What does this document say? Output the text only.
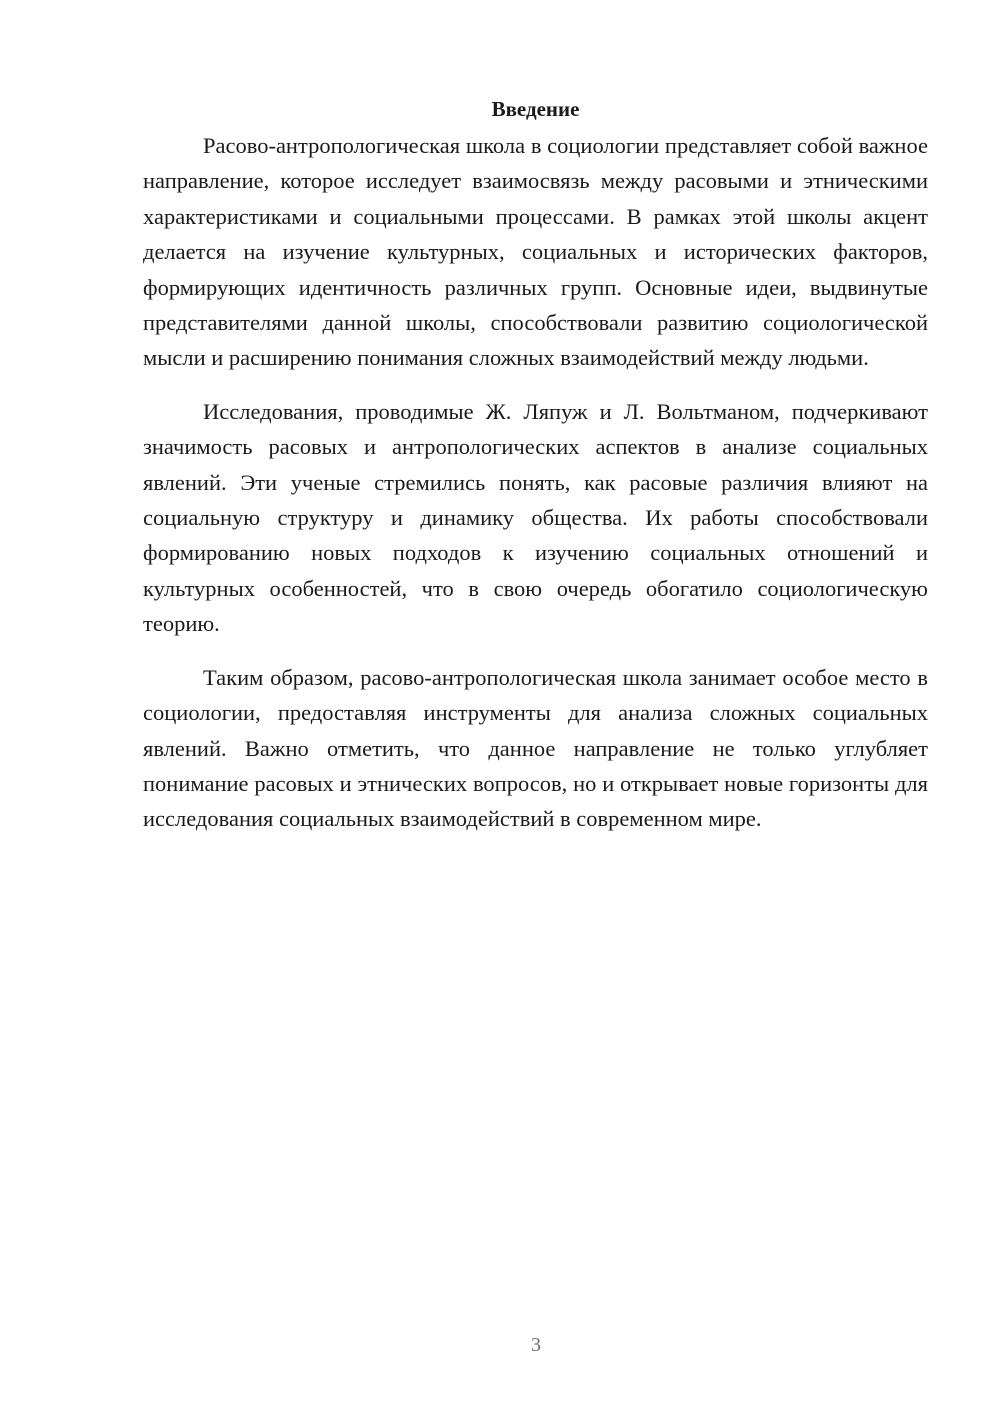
Введение

Расово-антропологическая школа в социологии представляет собой важное направление, которое исследует взаимосвязь между расовыми и этническими характеристиками и социальными процессами. В рамках этой школы акцент делается на изучение культурных, социальных и исторических факторов, формирующих идентичность различных групп. Основные идеи, выдвинутые представителями данной школы, способствовали развитию социологической мысли и расширению понимания сложных взаимодействий между людьми.

Исследования, проводимые Ж. Ляпуж и Л. Вольтманом, подчеркивают значимость расовых и антропологических аспектов в анализе социальных явлений. Эти ученые стремились понять, как расовые различия влияют на социальную структуру и динамику общества. Их работы способствовали формированию новых подходов к изучению социальных отношений и культурных особенностей, что в свою очередь обогатило социологическую теорию.

Таким образом, расово-антропологическая школа занимает особое место в социологии, предоставляя инструменты для анализа сложных социальных явлений. Важно отметить, что данное направление не только углубляет понимание расовых и этнических вопросов, но и открывает новые горизонты для исследования социальных взаимодействий в современном мире.

3
